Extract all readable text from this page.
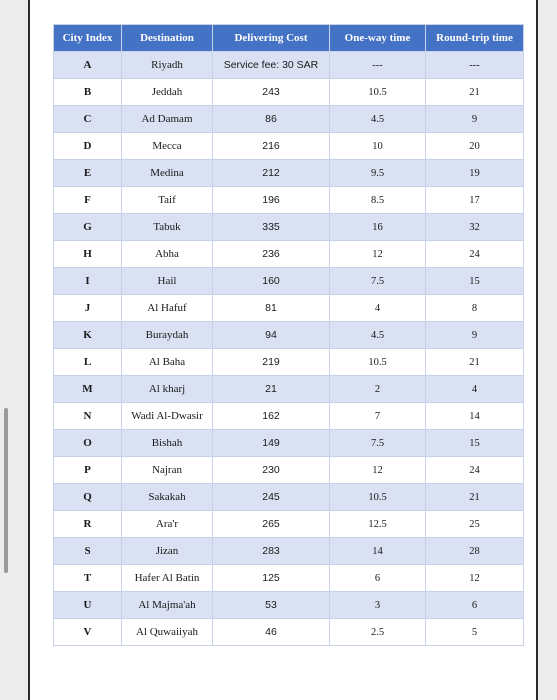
City Index	Destination	Delivering Cost	One-way time	Round-trip time
A	Riyadh	Service fee: 30 SAR	---	---
B	Jeddah	243	10.5	21
C	Ad Damam	86	4.5	9
D	Mecca	216	10	20
E	Medina	212	9.5	19
F	Taif	196	8.5	17
G	Tabuk	335	16	32
H	Abha	236	12	24
I	Hail	160	7.5	15
J	Al Hafuf	81	4	8
K	Buraydah	94	4.5	9
L	Al Baha	219	10.5	21
M	Al kharj	21	2	4
N	Wadi Al-Dwasir	162	7	14
O	Bishah	149	7.5	15
P	Najran	230	12	24
Q	Sakakah	245	10.5	21
R	Ara'r	265	12.5	25
S	Jizan	283	14	28
T	Hafer Al Batin	125	6	12
U	Al Majma'ah	53	3	6
V	Al Quwaiiyah	46	2.5	5
